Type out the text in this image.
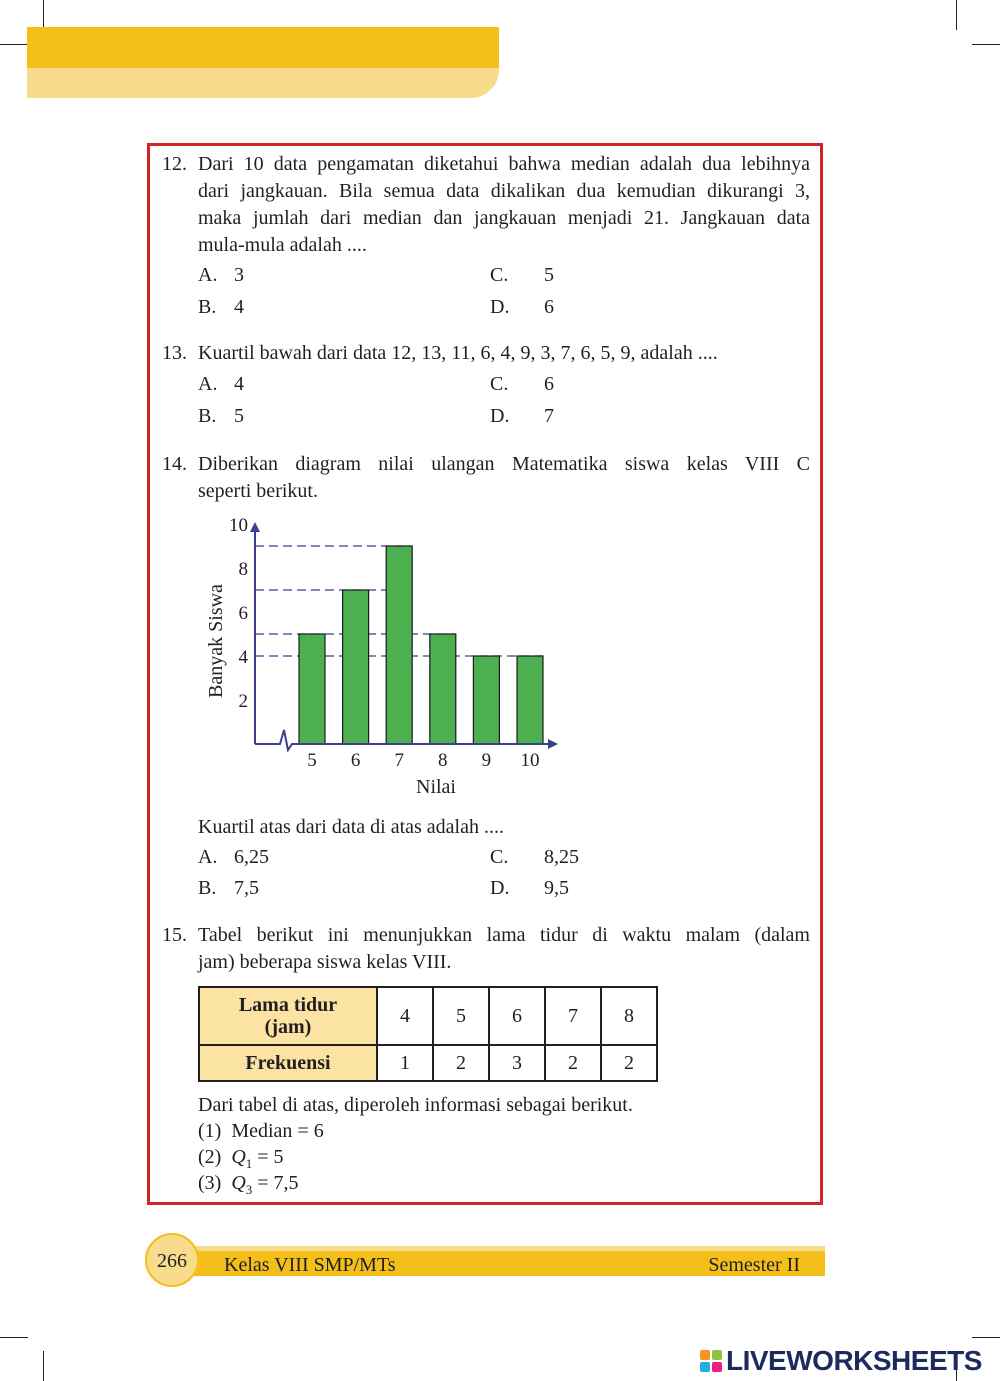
12. Dari 10 data pengamatan diketahui bahwa median adalah dua lebihnya
dari jangkauan. Bila semua data dikalikan dua kemudian dikurangi 3,
maka jumlah dari median dan jangkauan menjadi 21. Jangkauan data
mula-mula adalah ....
A. 3
B. 4
C. 5
D. 6
13. Kuartil bawah dari data 12, 13, 11, 6, 4, 9, 3, 7, 6, 5, 9, adalah ....
A. 4
B. 5
C. 6
D. 7
14. Diberikan diagram nilai ulangan Matematika siswa kelas VIII C
seperti berikut.
2
4
6
8
10
5 6 7 8 9 10
Nilai
Banyak Siswa
Kuartil atas dari data di atas adalah ....
A. 6,25
B. 7,5
C. 8,25
D. 9,5
15. Tabel berikut ini menunjukkan lama tidur di waktu malam (dalam
jam) beberapa siswa kelas VIII.
Lama tidur
(jam)	4	5	6	7	8
Frekuensi	1	2	3	2	2
Dari tabel di atas, diperoleh informasi sebagai berikut.
(1) Median = 6
(2) $Q_1 = 5$
(3) $Q_3 = 7,5$
266	Kelas VIII SMP/MTs	Semester II
LIVEWORKSHEETS
